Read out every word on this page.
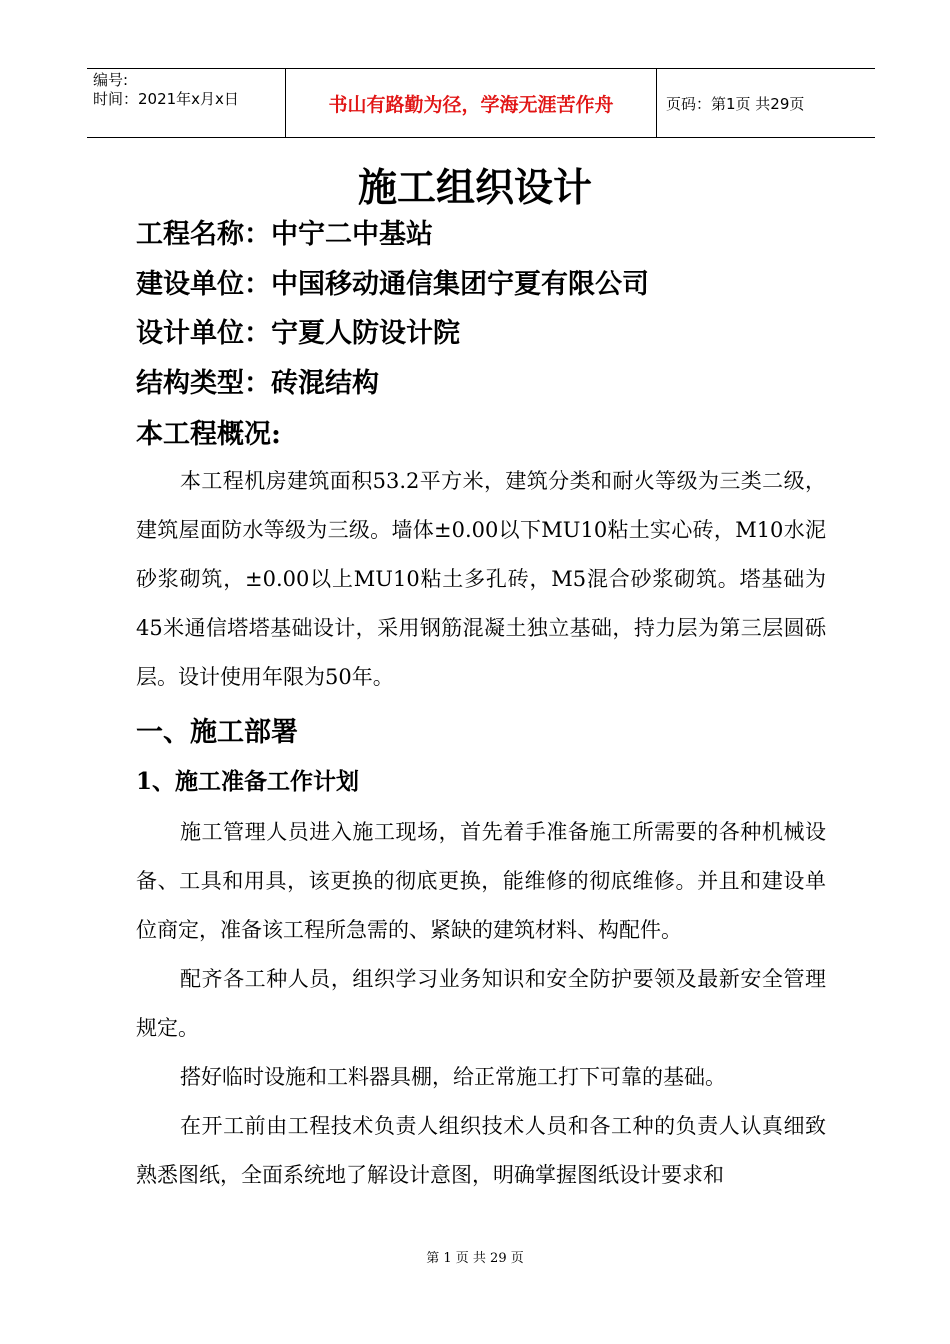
编号:
时间：2021年x月x日	书山有路勤为径，学海无涯苦作舟	页码：第1页 共29页
施工组织设计
工程名称：中宁二中基站
建设单位：中国移动通信集团宁夏有限公司
设计单位：宁夏人防设计院
结构类型：砖混结构
本工程概况:
本工程机房建筑面积53.2平方米，建筑分类和耐火等级为三类二级，建筑屋面防水等级为三级。墙体±0.00以下MU10粘土实心砖，M10水泥砂浆砌筑，±0.00以上MU10粘土多孔砖，M5混合砂浆砌筑。塔基础为45米通信塔塔基础设计，采用钢筋混凝土独立基础，持力层为第三层圆砾层。设计使用年限为50年。
一、施工部署
1、施工准备工作计划
施工管理人员进入施工现场，首先着手准备施工所需要的各种机械设备、工具和用具，该更换的彻底更换，能维修的彻底维修。并且和建设单位商定，准备该工程所急需的、紧缺的建筑材料、构配件。
配齐各工种人员，组织学习业务知识和安全防护要领及最新安全管理规定。
搭好临时设施和工料器具棚，给正常施工打下可靠的基础。
在开工前由工程技术负责人组织技术人员和各工种的负责人认真细致熟悉图纸，全面系统地了解设计意图，明确掌握图纸设计要求和
第 1 页 共 29 页
